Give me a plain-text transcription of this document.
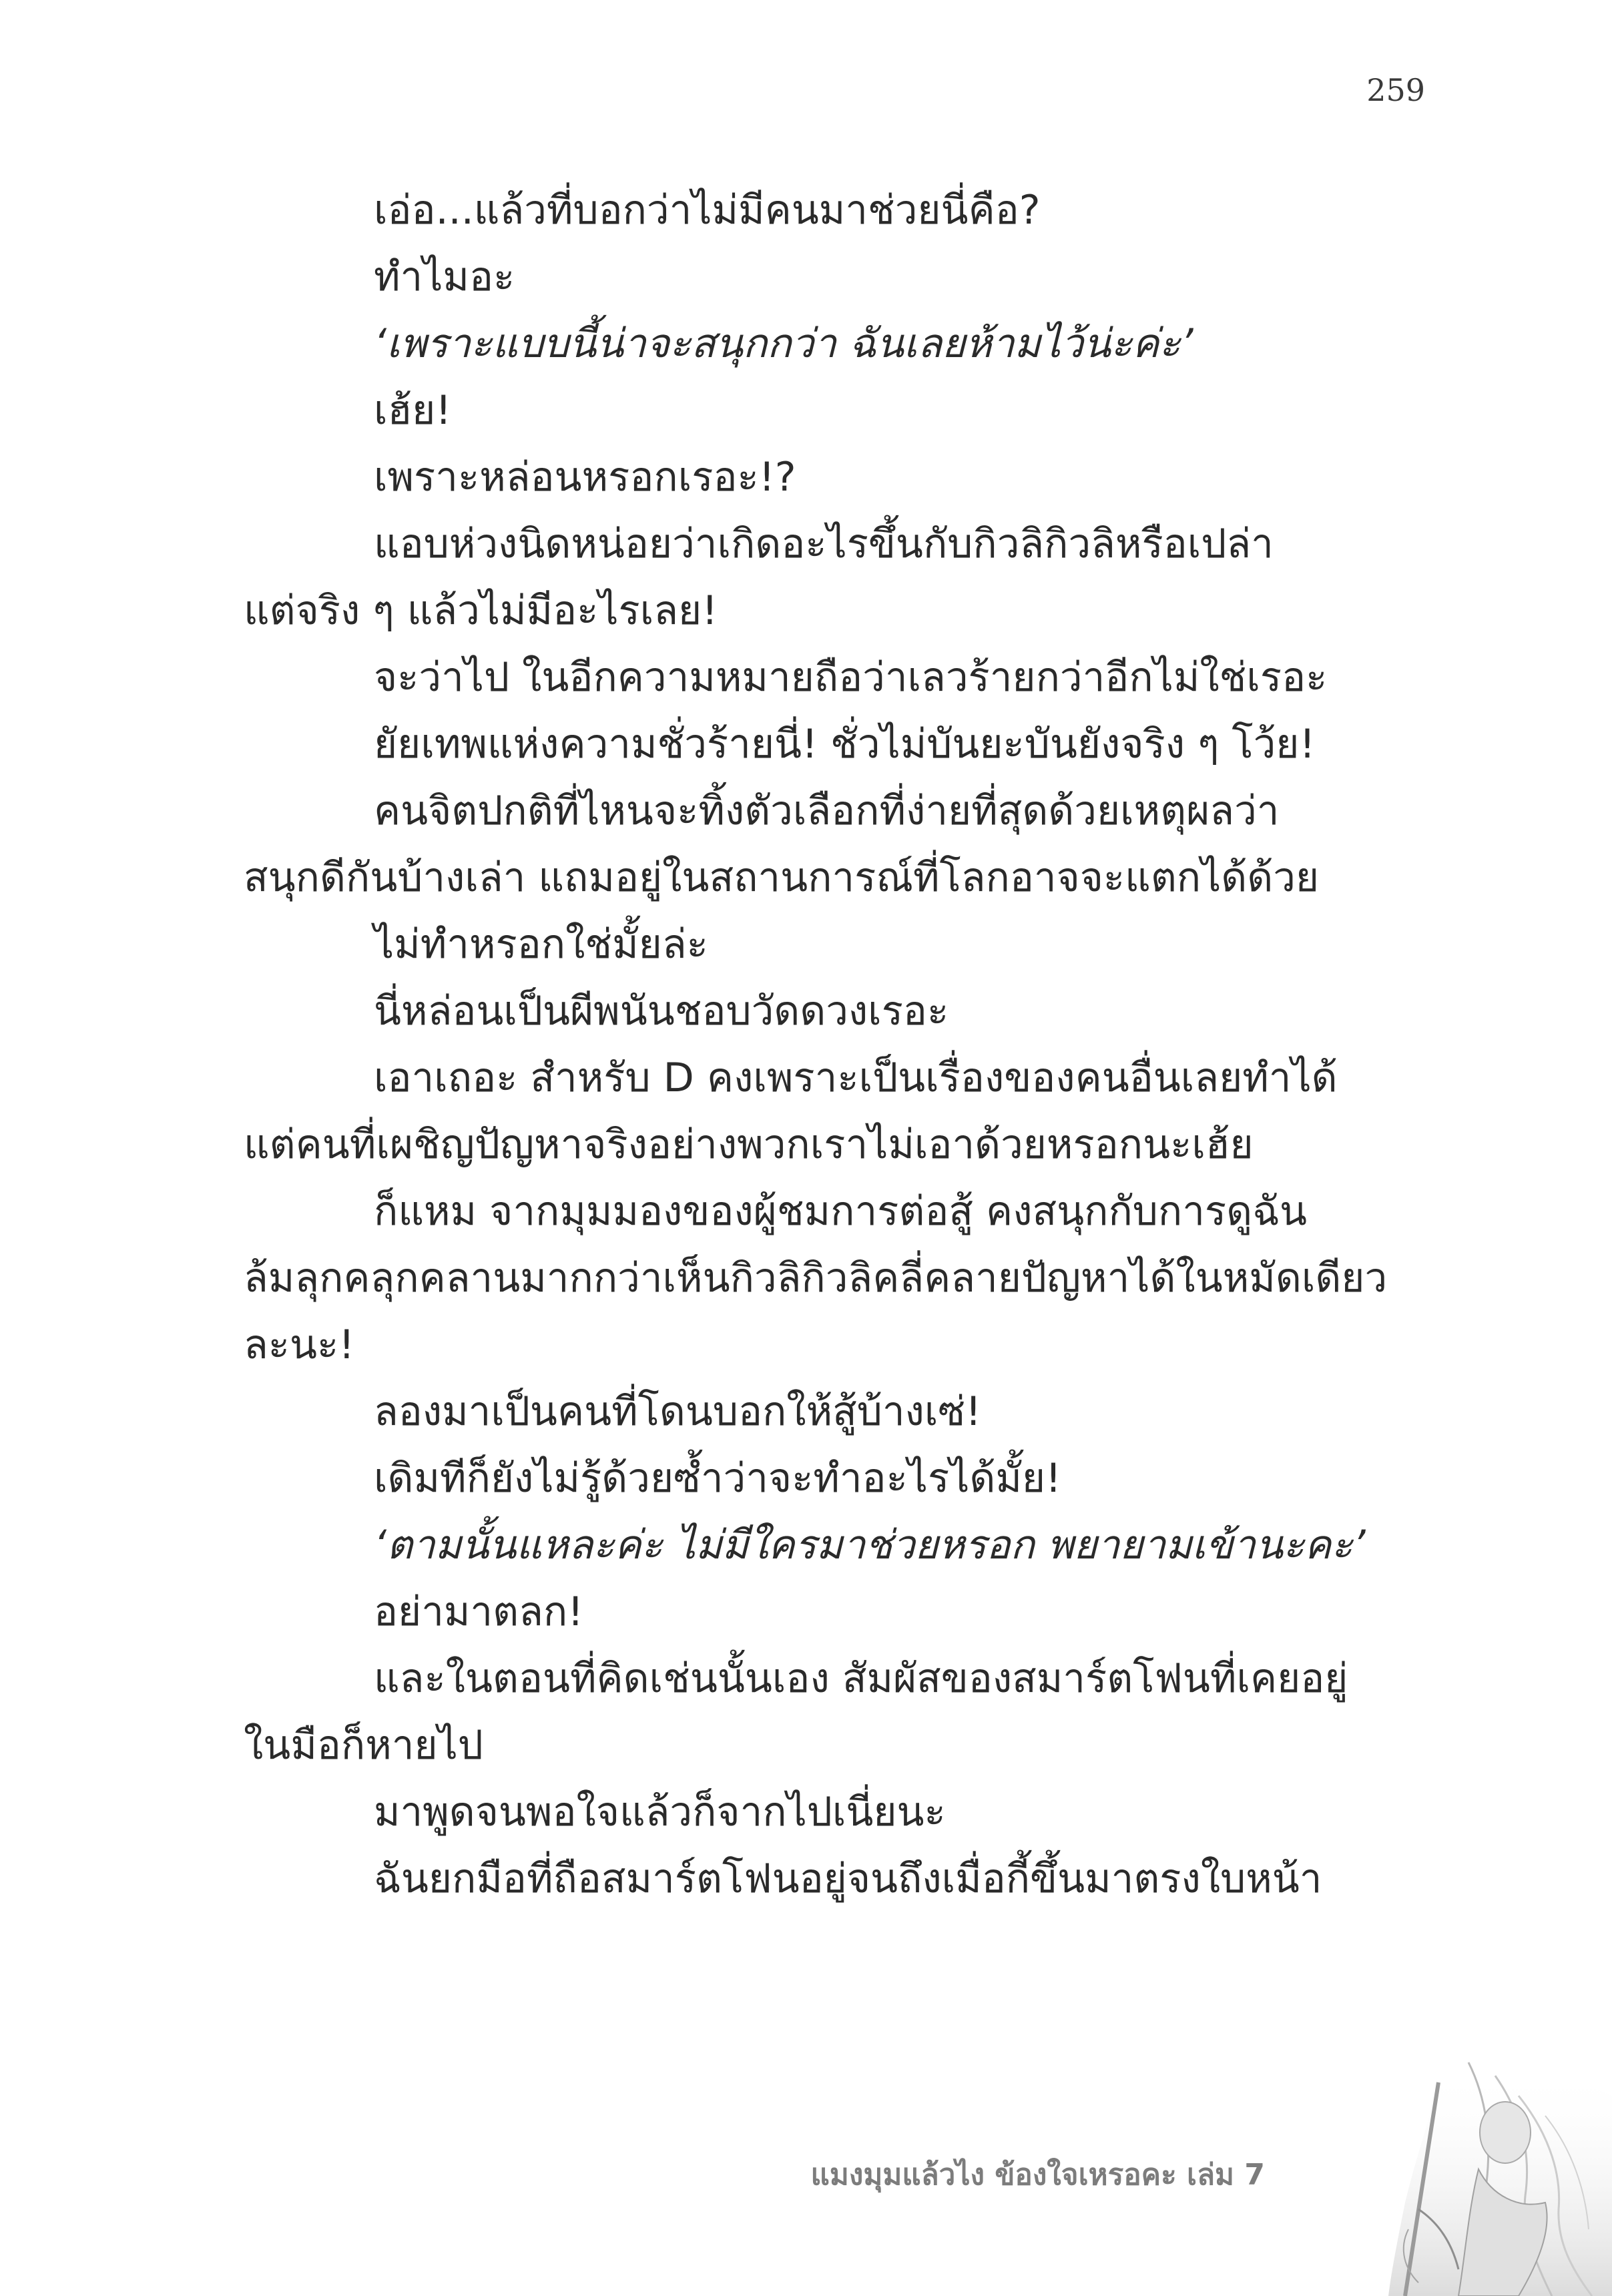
259
เอ่อ...แล้วที่บอกว่าไม่มีคนมาช่วยนี่คือ?
ทำไมอะ
‘เพราะแบบนี้น่าจะสนุกกว่า ฉันเลยห้ามไว้น่ะค่ะ’
เฮ้ย!
เพราะหล่อนหรอกเรอะ!?
แอบห่วงนิดหน่อยว่าเกิดอะไรขึ้นกับกิวลิกิวลิหรือเปล่า
แต่จริง ๆ แล้วไม่มีอะไรเลย!
จะว่าไป ในอีกความหมายถือว่าเลวร้ายกว่าอีกไม่ใช่เรอะ
ยัยเทพแห่งความชั่วร้ายนี่! ชั่วไม่บันยะบันยังจริง ๆ โว้ย!
คนจิตปกติที่ไหนจะทิ้งตัวเลือกที่ง่ายที่สุดด้วยเหตุผลว่า
สนุกดีกันบ้างเล่า แถมอยู่ในสถานการณ์ที่โลกอาจจะแตกได้ด้วย
ไม่ทำหรอกใช่มั้ยล่ะ
นี่หล่อนเป็นผีพนันชอบวัดดวงเรอะ
เอาเถอะ สำหรับ D คงเพราะเป็นเรื่องของคนอื่นเลยทำได้
แต่คนที่เผชิญปัญหาจริงอย่างพวกเราไม่เอาด้วยหรอกนะเฮ้ย
ก็แหม จากมุมมองของผู้ชมการต่อสู้ คงสนุกกับการดูฉัน
ล้มลุกคลุกคลานมากกว่าเห็นกิวลิกิวลิคลี่คลายปัญหาได้ในหมัดเดียว
ละนะ!
ลองมาเป็นคนที่โดนบอกให้สู้บ้างเซ่!
เดิมทีก็ยังไม่รู้ด้วยซ้ำว่าจะทำอะไรได้มั้ย!
‘ตามนั้นแหละค่ะ ไม่มีใครมาช่วยหรอก พยายามเข้านะคะ’
อย่ามาตลก!
และในตอนที่คิดเช่นนั้นเอง สัมผัสของสมาร์ตโฟนที่เคยอยู่
ในมือก็หายไป
มาพูดจนพอใจแล้วก็จากไปเนี่ยนะ
ฉันยกมือที่ถือสมาร์ตโฟนอยู่จนถึงเมื่อกี้ขึ้นมาตรงใบหน้า
แมงมุมแล้วไง ข้องใจเหรอคะ เล่ม 7
